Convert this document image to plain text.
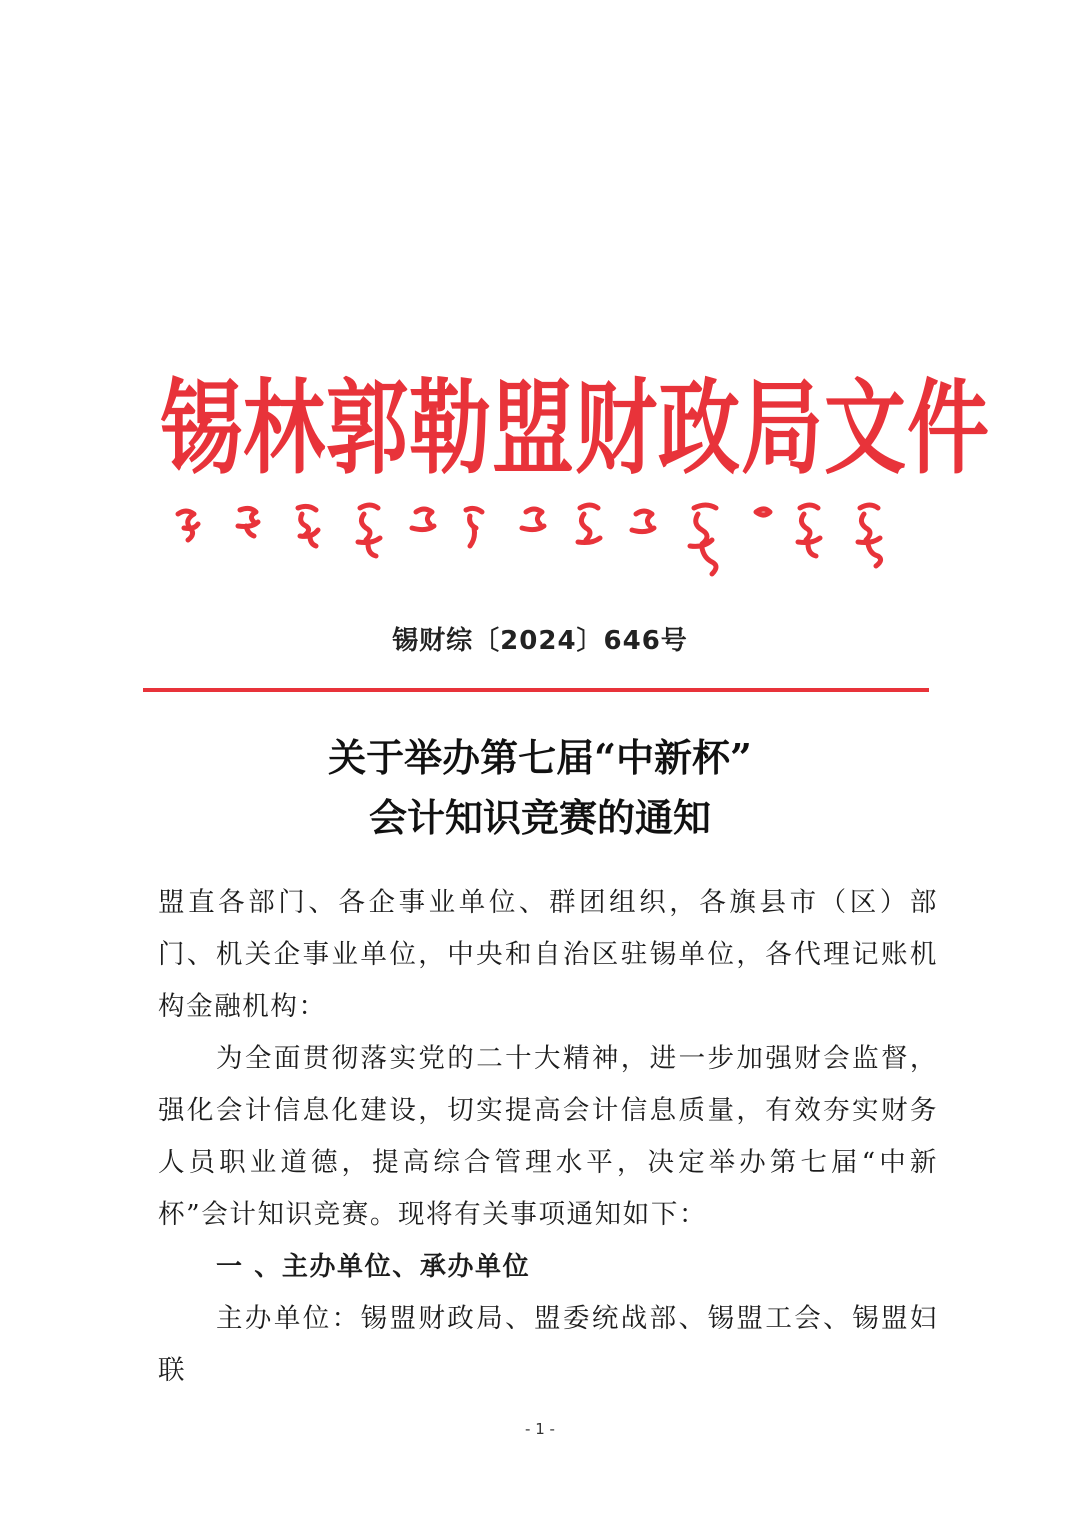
锡林郭勒盟财政局文件
锡财综〔2024〕646号
关于举办第七届“中新杯”
会计知识竞赛的通知

盟直各部门、各企事业单位、群团组织，各旗县市（区）部门、机关企事业单位，中央和自治区驻锡单位，各代理记账机构金融机构：

为全面贯彻落实党的二十大精神，进一步加强财会监督，强化会计信息化建设，切实提高会计信息质量，有效夯实财务人员职业道德，提高综合管理水平，决定举办第七届“中新杯”会计知识竞赛。现将有关事项通知如下：

一 、主办单位、承办单位

主办单位：锡盟财政局、盟委统战部、锡盟工会、锡盟妇联

- 1 -
